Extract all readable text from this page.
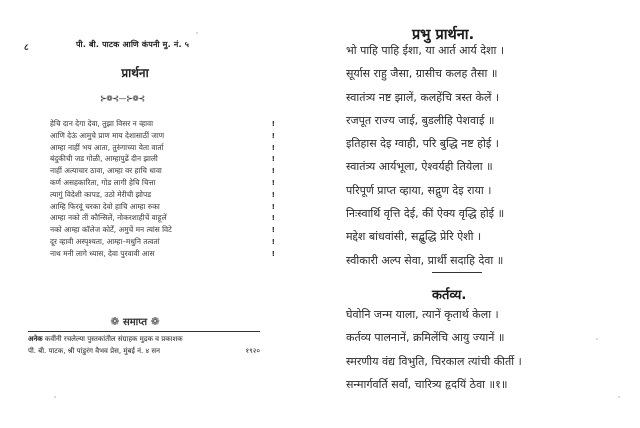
८	पी. बी. पाटक आणि कंपनी मु. नं. ५
प्रार्थना
⊱❁⊰—⊱❁⊰
हेचि दान देगा देवा, तुझा विसर न व्हावा	!
आणि देऊं आमुचे प्राण माय देशासाठीं जाण	!
आम्हा नाहीं भय आता, तुरुंगाच्या येता वार्ता	!
बंदुकीची जड गोळी, आम्हापुढें दीन झाली	!
नाहीं अत्याचार ठावा, आम्हा वर हाचि धावा	!
कर्ण असहकारिता, गोड लागी हेचि चित्ता	!
त्यागुं विदेशी कापड, उठो मेरीची झोपड	!
आम्हि फिरवूं चरका देवो हाचि आम्हा रुका	!
आम्हा नको तीं कौन्सिलें, नोकरशाहीचें वाहूलें	!
नको आम्हा कॉलेज कोर्टें, अमुचें मन त्यांस विटे	!
दूर व्हावी अस्पृश्यता, आम्हा–मधुनि तत्वतां	!
नाथ मनी लागे ध्यास, देवा पुरवावी आस	!
❁ समाप्त ❁
अनेक कवींनी रचलेल्या पुस्तकांतील संग्राहक मुद्रक व प्रकाशक
पी. बी. पाटक, श्री पांडुरंग वैभव प्रेस, मुंबई नं. ४ सन	१९२०
प्रभु प्रार्थना.
भो पाहि पाहि ईशा, या आर्त आर्य देशा ।
सूर्यास राहु जैसा, ग्रासीच कलह तैसा ॥
स्वातंत्र्य नष्ट झालें, कलहेंचि त्रस्त केलें ।
रजपूत राज्य जाई, बुडलीहि पेशवाई ॥
इतिहास देइ ग्वाही, परि बुद्धि नष्ट होई ।
स्वातंत्र्य आर्यभूला, ऐश्वर्यही तियेला ॥
परिपूर्ण प्राप्त व्हाया, सद्गुण देइ राया ।
निःस्वार्थि वृत्ति देई, कीं ऐक्य वृद्धि होई ॥
मद्देश बांधवांसी, सद्बुद्धि प्रेरि ऐशी ।
स्वीकारी अल्प सेवा, प्रार्थी सदाहि देवा ॥
कर्तव्य.
घेवोनि जन्म याला, त्यानें कृतार्थ केला ।
कर्तव्य पालनानें, क्रमिलेंचि आयु ज्यानें ॥
स्मरणीय वंद्य विभुति, चिरकाल त्यांची कीर्ती ।
सन्मार्गवर्ति सर्वां, चारित्र्य हृदयिं ठेवा ॥१॥
